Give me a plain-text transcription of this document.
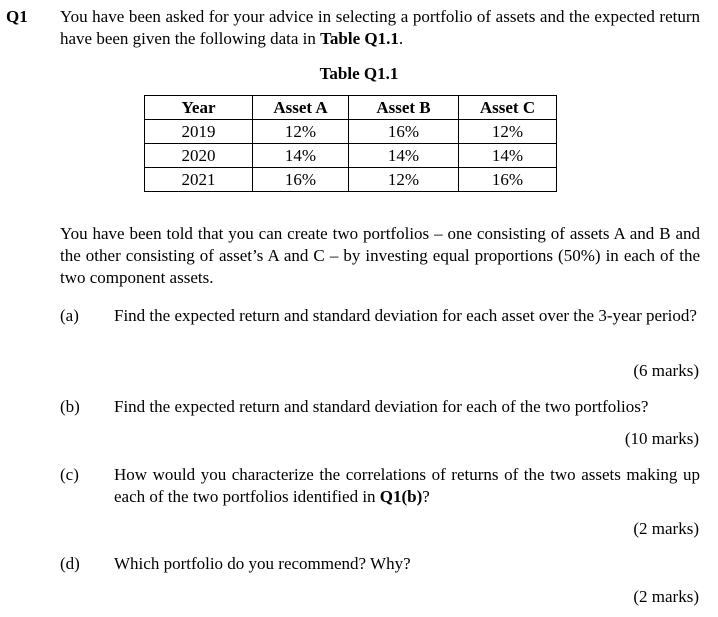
Q1 You have been asked for your advice in selecting a portfolio of assets and the expected return have been given the following data in Table Q1.1.
Table Q1.1
Year	Asset A	Asset B	Asset C
2019	12%	16%	12%
2020	14%	14%	14%
2021	16%	12%	16%
You have been told that you can create two portfolios – one consisting of assets A and B and the other consisting of asset’s A and C – by investing equal proportions (50%) in each of the two component assets.
(a) Find the expected return and standard deviation for each asset over the 3-year period?
(6 marks)
(b) Find the expected return and standard deviation for each of the two portfolios?
(10 marks)
(c) How would you characterize the correlations of returns of the two assets making up each of the two portfolios identified in Q1(b)?
(2 marks)
(d) Which portfolio do you recommend? Why?
(2 marks)
